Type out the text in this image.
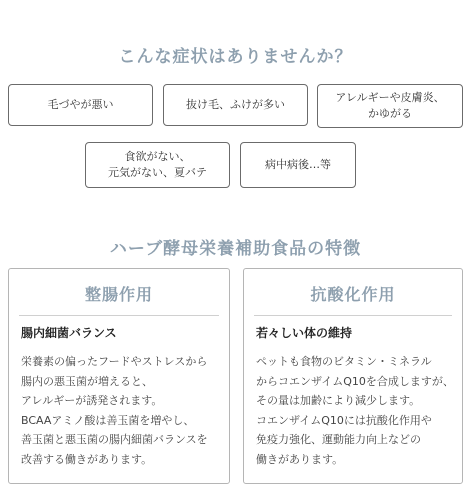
こんな症状はありませんか？
毛づやが悪い	抜け毛、ふけが多い
アレルギーや皮膚炎、
かゆがる
食欲がない、
元気がない、夏バテ
病中病後…等
ハーブ酵母栄養補助食品の特徴
整腸作用
腸内細菌バランス
栄養素の偏ったフードやストレスから
腸内の悪玉菌が増えると、
アレルギーが誘発されます。
BCAAアミノ酸は善玉菌を増やし、
善玉菌と悪玉菌の腸内細菌バランスを
改善する働きがあります。
抗酸化作用
若々しい体の維持
ペットも食物のビタミン・ミネラル
からコエンザイムQ10を合成しますが、
その量は加齢により減少します。
コエンザイムQ10には抗酸化作用や
免疫力強化、運動能力向上などの
働きがあります。
